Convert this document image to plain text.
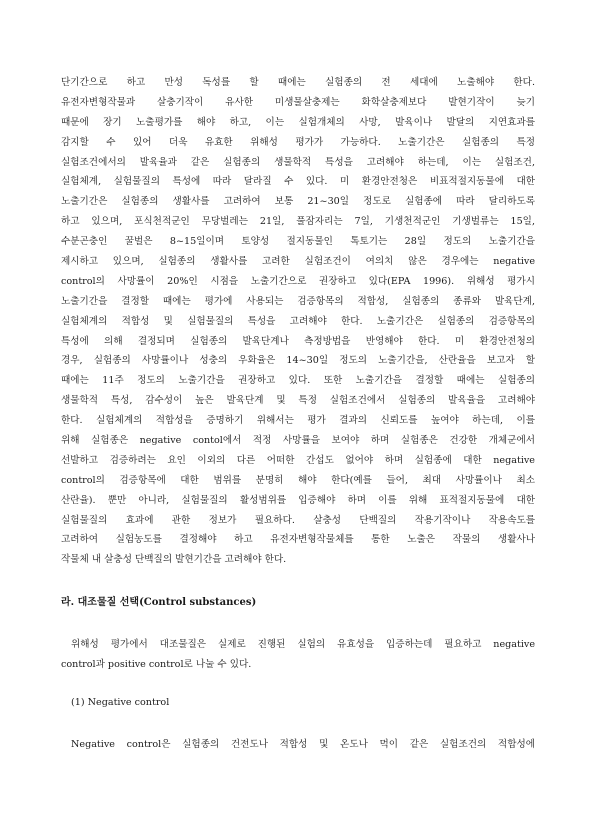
단기간으로 하고 만성 독성를 할 때에는 실험종의 전 세대에 노출해야 한다.
유전자변형작물과 살충기작이 유사한 미생물살충제는 화학살충제보다 발현기작이 늦기
때문에 장기 노출평가를 해야 하고, 이는 실험개체의 사망, 발육이나 발달의 지연효과를
감지할 수 있어 더욱 유효한 위해성 평가가 가능하다. 노출기간은 실험종의 특정
실험조건에서의 발육율과 같은 실험종의 생물학적 특성을 고려해야 하는데, 이는 실험조건,
실험체계, 실험물질의 특성에 따라 달라질 수 있다. 미 환경안전청은 비표적절지동물에 대한
노출기간은 실험종의 생활사를 고려하여 보통 21~30일 정도로 실험종에 따라 달리하도록
하고 있으며, 포식천적군인 무당벌레는 21일, 풀잠자리는 7일, 기생천적군인 기생벌류는 15일,
수분곤충인 꿀벌은 8~15일이며 토양성 절지동물인 톡토기는 28일 정도의 노출기간을
제시하고 있으며, 실험종의 생활사를 고려한 실험조건이 여의치 않은 경우에는 negative
control의 사망률이 20%인 시점을 노출기간으로 권장하고 있다(EPA 1996). 위해성 평가시
노출기간을 결정할 때에는 평가에 사용되는 검증항목의 적합성, 실험종의 종류와 발육단계,
실험체계의 적합성 및 실험물질의 특성을 고려해야 한다. 노출기간은 실험종의 검증항목의
특성에 의해 결정되며 실험종의 발육단계나 측정방법을 반영해야 한다. 미 환경안전청의
경우, 실험종의 사망률이나 성충의 우화율은 14~30일 정도의 노출기간을, 산란율을 보고자 할
때에는 11주 정도의 노출기간을 권장하고 있다. 또한 노출기간을 결정할 때에는 실험종의
생물학적 특성, 감수성이 높은 발육단계 및 특정 실험조건에서 실험종의 발육율을 고려해야
한다. 실험체계의 적합성을 증명하기 위해서는 평가 결과의 신뢰도를 높여야 하는데, 이를
위해 실험종은 negative contol에서 적정 사망률을 보여야 하며 실험종은 건강한 개체군에서
선발하고 검증하려는 요인 이외의 다른 어떠한 간섭도 없어야 하며 실험종에 대한 negative
control의 검증항목에 대한 범위를 분명히 해야 한다(예를 들어, 최대 사망률이나 최소
산란율). 뿐만 아니라, 실험물질의 활성범위를 입증해야 하며 이를 위해 표적절지동물에 대한
실험물질의 효과에 관한 정보가 필요하다. 살충성 단백질의 작용기작이나 작용속도를
고려하여 실험농도를 결정해야 하고 유전자변형작물체를 통한 노출은 작물의 생활사나
작물체 내 살충성 단백질의 발현기간을 고려해야 한다.
라. 대조물질 선택(Control substances)
위해성 평가에서 대조물질은 실제로 진행된 실험의 유효성을 입증하는데 필요하고 negative
control과 positive control로 나눌 수 있다.

(1) Negative control

Negative control은 실험종의 건전도나 적합성 및 온도나 먹이 같은 실험조건의 적합성에
